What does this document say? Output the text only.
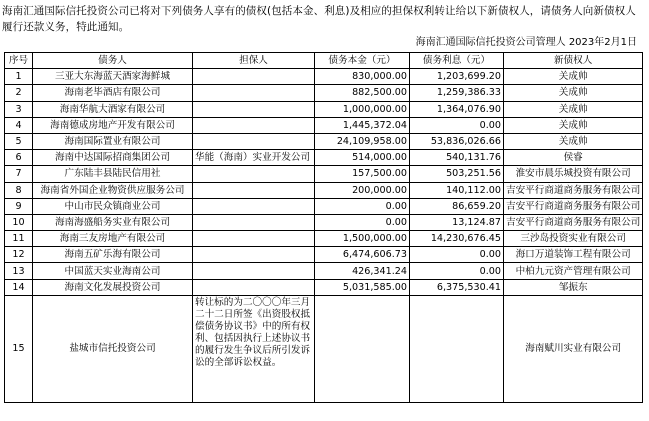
海南汇通国际信托投资公司已将对下列债务人享有的债权(包括本金、利息)及相应的担保权利转让给以下新债权人，请债务人向新债权人履行还款义务，特此通知。
海南汇通国际信托投资公司管理人 2023年2月1日
序号	债务人	担保人	债务本金（元）	债务利息（元）	新债权人
1	三亚大东海蓝天酒家海鲜城		830,000.00	1,203,699.20	关成帅
2	海南老毕酒店有限公司		882,500.00	1,259,386.33	关成帅
3	海南华航大酒家有限公司		1,000,000.00	1,364,076.90	关成帅
4	海南德成房地产开发有限公司		1,445,372.04	0.00	关成帅
5	海南国际置业有限公司		24,109,958.00	53,836,026.66	关成帅
6	海南中达国际招商集团公司	华能（海南）实业开发公司	514,000.00	540,131.76	侯睿
7	广东陆丰县陆民信用社		157,500.00	503,251.56	淮安市晨乐城投资有限公司
8	海南省外国企业物资供应服务公司		200,000.00	140,112.00	吉安平行商道商务服务有限公司
9	中山市民众镇商业公司		0.00	86,659.20	吉安平行商道商务服务有限公司
10	海南海盛船务实业有限公司		0.00	13,124.87	吉安平行商道商务服务有限公司
11	海南三友房地产有限公司		1,500,000.00	14,230,676.45	三沙岛投资实业有限公司
12	海南五矿乐海有限公司		6,474,606.73	0.00	海口万道装饰工程有限公司
13	中国蓝天实业海南公司		426,341.24	0.00	中柏九元资产管理有限公司
14	海南文化发展投资公司		5,031,585.00	6,375,530.41	邹振东
15	盐城市信托投资公司	转让标的为二〇〇〇年三月二十二日所签《出资股权抵偿债务协议书》中的所有权利、包括因执行上述协议书的履行发生争议后所引发诉讼的全部诉讼权益。			海南赋川实业有限公司
